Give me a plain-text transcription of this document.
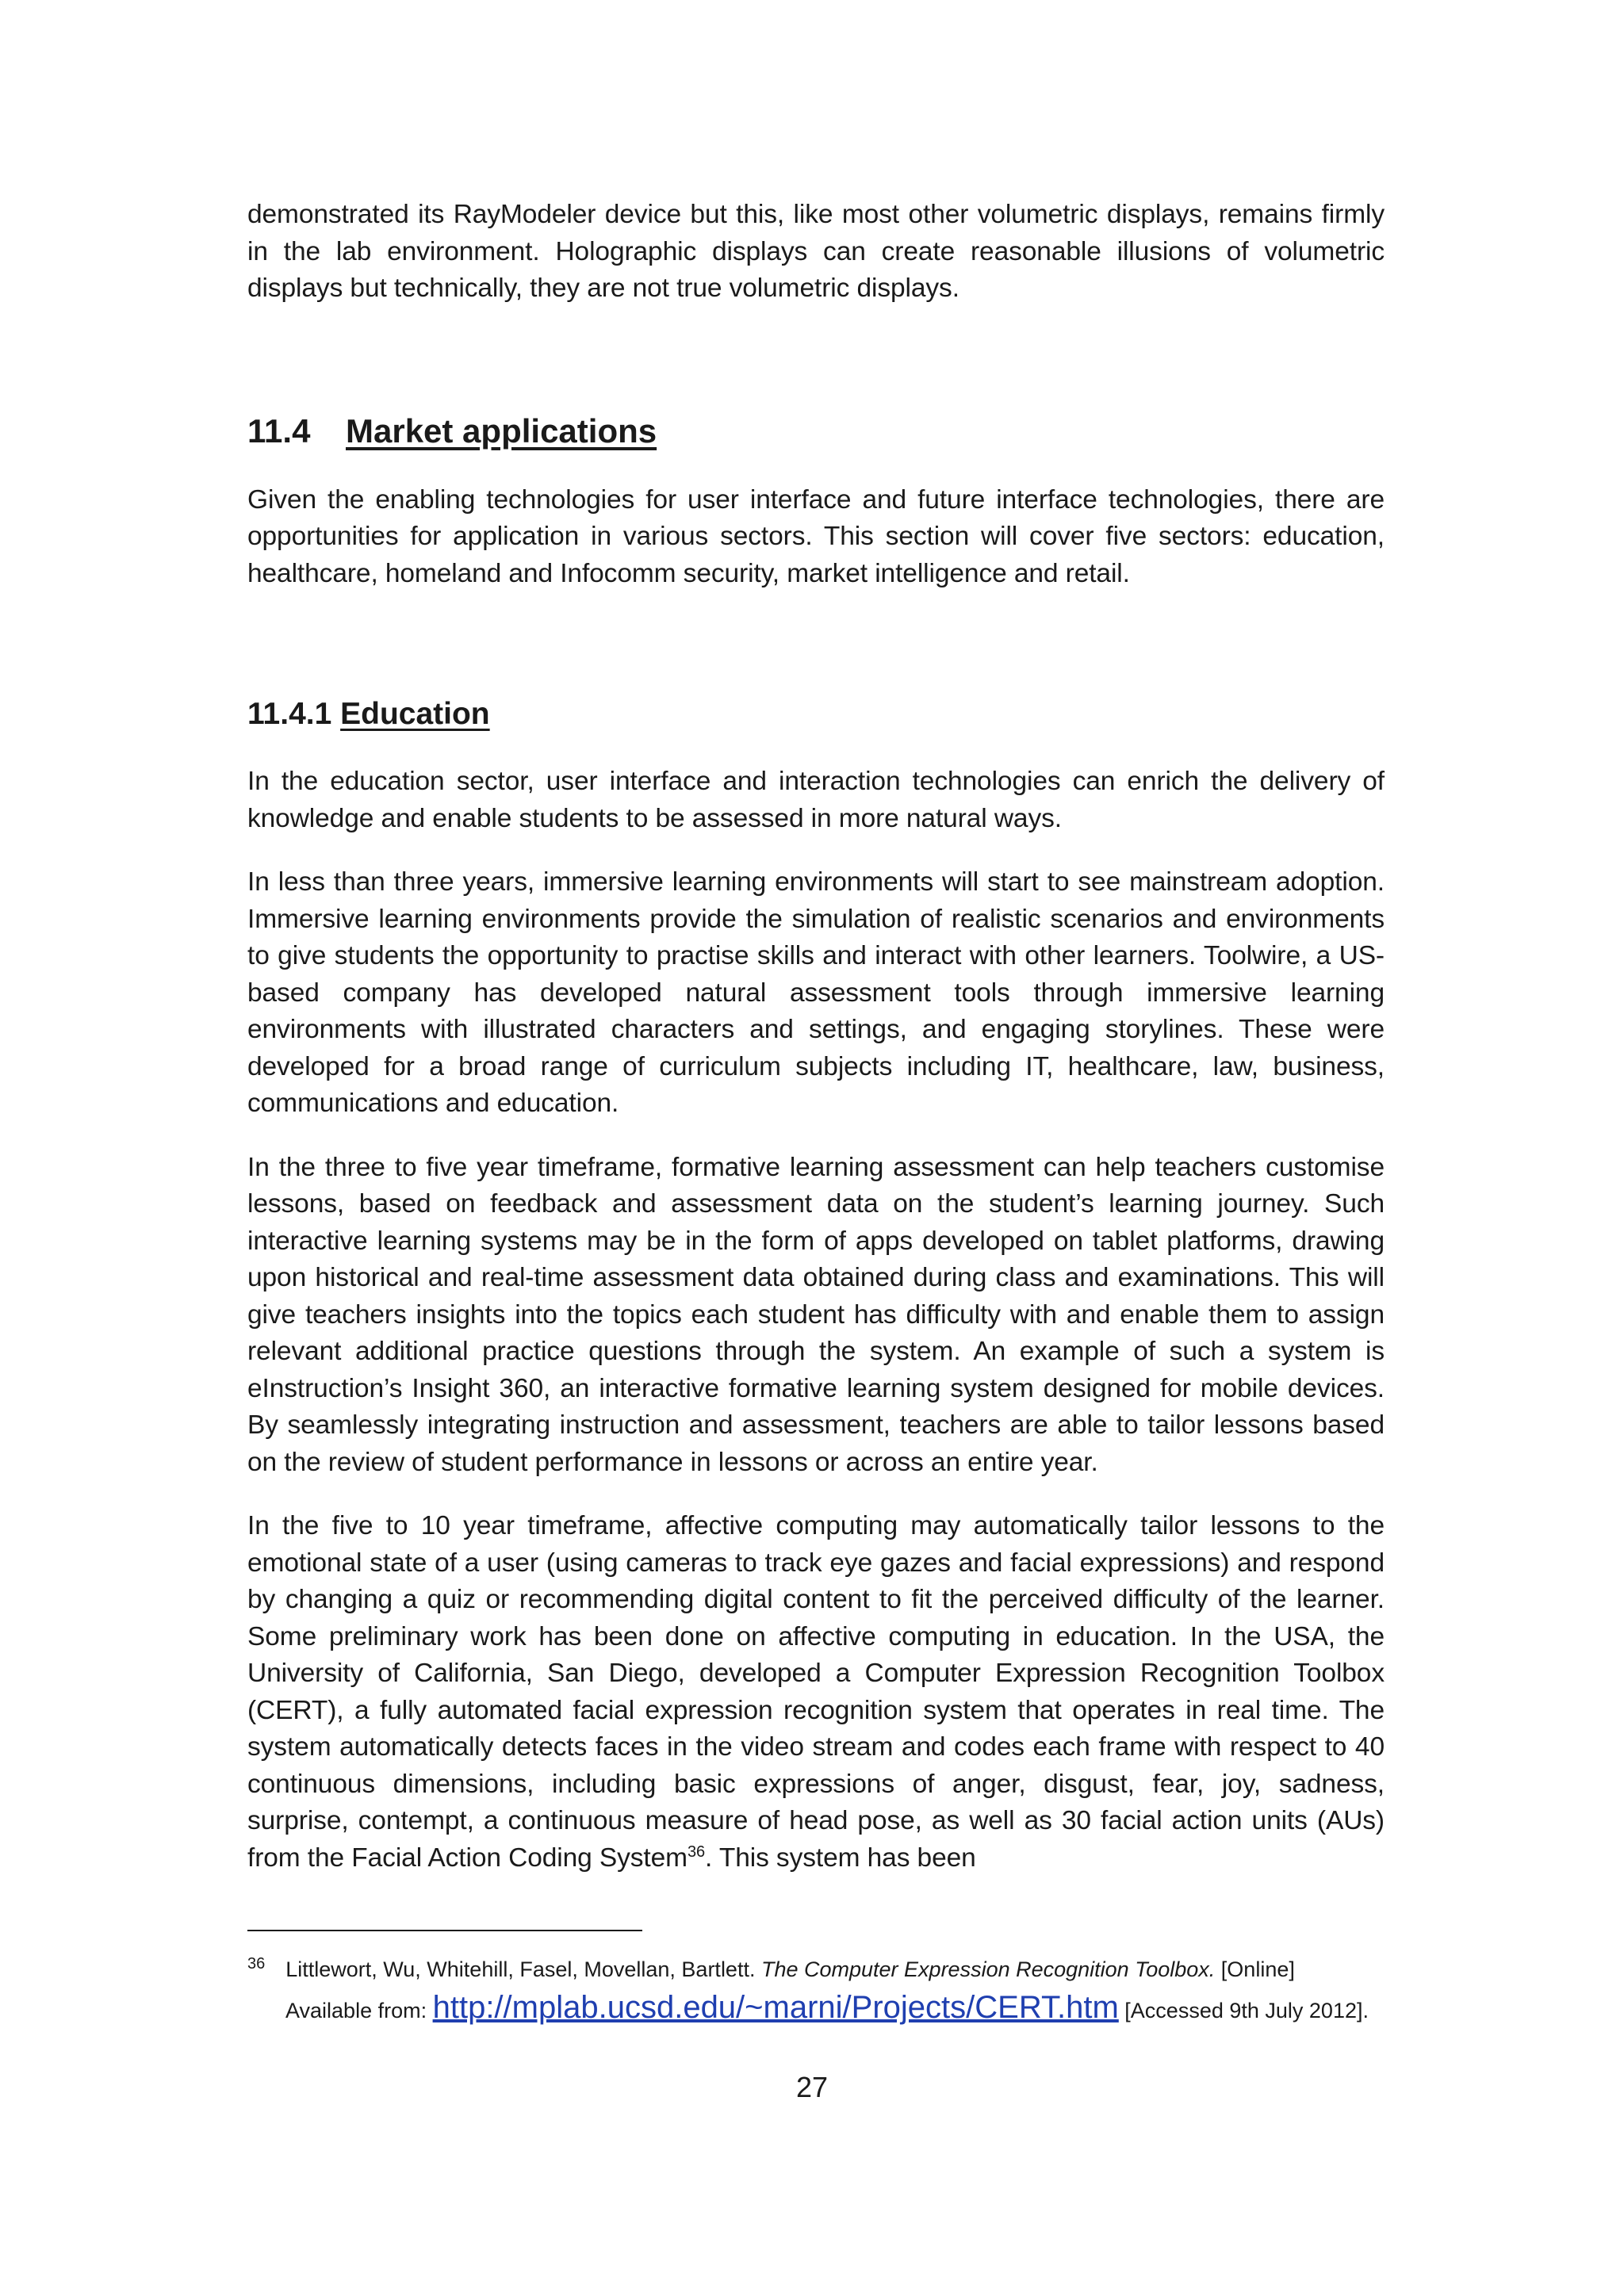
demonstrated its RayModeler device but this, like most other volumetric displays, remains firmly in the lab environment. Holographic displays can create reasonable illusions of volumetric displays but technically, they are not true volumetric displays.

11.4 Market applications

Given the enabling technologies for user interface and future interface technologies, there are opportunities for application in various sectors. This section will cover five sectors: education, healthcare, homeland and Infocomm security, market intelligence and retail.

11.4.1 Education

In the education sector, user interface and interaction technologies can enrich the delivery of knowledge and enable students to be assessed in more natural ways.

In less than three years, immersive learning environments will start to see mainstream adoption. Immersive learning environments provide the simulation of realistic scenarios and environments to give students the opportunity to practise skills and interact with other learners. Toolwire, a US-based company has developed natural assessment tools through immersive learning environments with illustrated characters and settings, and engaging storylines. These were developed for a broad range of curriculum subjects including IT, healthcare, law, business, communications and education.

In the three to five year timeframe, formative learning assessment can help teachers customise lessons, based on feedback and assessment data on the student’s learning journey. Such interactive learning systems may be in the form of apps developed on tablet platforms, drawing upon historical and real-time assessment data obtained during class and examinations. This will give teachers insights into the topics each student has difficulty with and enable them to assign relevant additional practice questions through the system. An example of such a system is eInstruction’s Insight 360, an interactive formative learning system designed for mobile devices. By seamlessly integrating instruction and assessment, teachers are able to tailor lessons based on the review of student performance in lessons or across an entire year.

In the five to 10 year timeframe, affective computing may automatically tailor lessons to the emotional state of a user (using cameras to track eye gazes and facial expressions) and respond by changing a quiz or recommending digital content to fit the perceived difficulty of the learner. Some preliminary work has been done on affective computing in education. In the USA, the University of California, San Diego, developed a Computer Expression Recognition Toolbox (CERT), a fully automated facial expression recognition system that operates in real time. The system automatically detects faces in the video stream and codes each frame with respect to 40 continuous dimensions, including basic expressions of anger, disgust, fear, joy, sadness, surprise, contempt, a continuous measure of head pose, as well as 30 facial action units (AUs) from the Facial Action Coding System$^{36}$. This system has been

$^{36}$ Littlewort, Wu, Whitehill, Fasel, Movellan, Bartlett. The Computer Expression Recognition Toolbox. [Online]
Available from: http://mplab.ucsd.edu/~marni/Projects/CERT.htm [Accessed 9th July 2012].
27
